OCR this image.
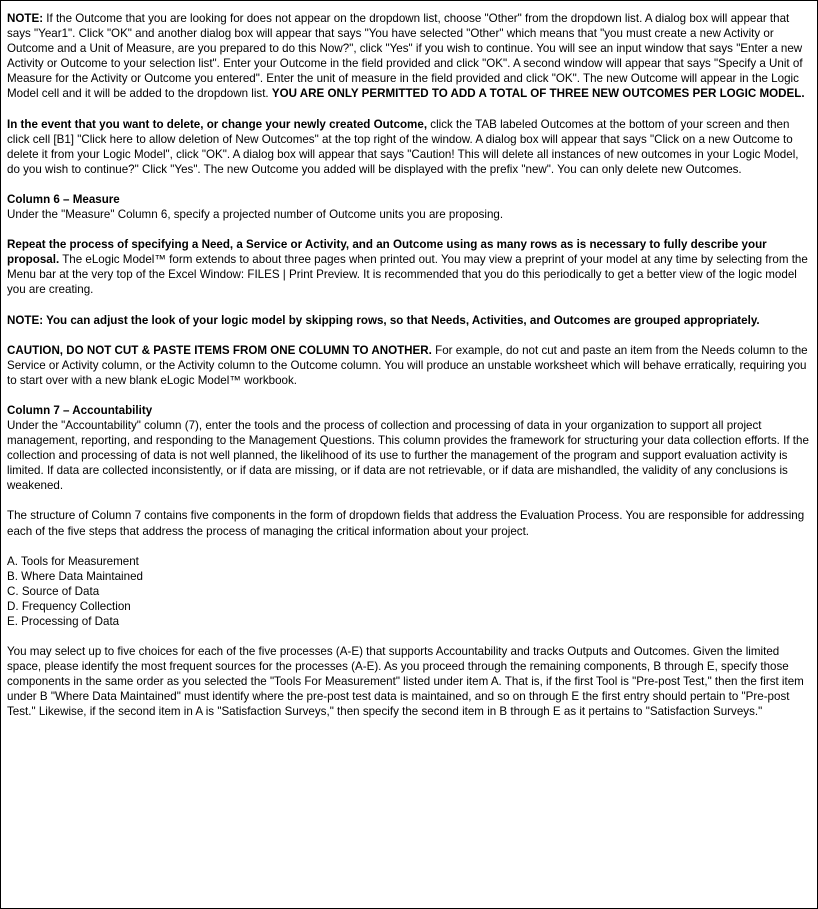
NOTE: If the Outcome that you are looking for does not appear on the dropdown list, choose "Other" from the dropdown list. A dialog box will appear that says "Year1". Click "OK" and another dialog box will appear that says "You have selected "Other" which means that "you must create a new Activity or Outcome and a Unit of Measure, are you prepared to do this Now?", click "Yes" if you wish to continue. You will see an input window that says "Enter a new Activity or Outcome to your selection list". Enter your Outcome in the field provided and click "OK". A second window will appear that says "Specify a Unit of Measure for the Activity or Outcome you entered". Enter the unit of measure in the field provided and click "OK". The new Outcome will appear in the Logic Model cell and it will be added to the dropdown list. YOU ARE ONLY PERMITTED TO ADD A TOTAL OF THREE NEW OUTCOMES PER LOGIC MODEL.

In the event that you want to delete, or change your newly created Outcome, click the TAB labeled Outcomes at the bottom of your screen and then click cell [B1] "Click here to allow deletion of New Outcomes" at the top right of the window. A dialog box will appear that says "Click on a new Outcome to delete it from your Logic Model", click "OK". A dialog box will appear that says "Caution! This will delete all instances of new outcomes in your Logic Model, do you wish to continue?" Click "Yes". The new Outcome you added will be displayed with the prefix "new". You can only delete new Outcomes.

Column 6 – Measure

Under the "Measure" Column 6, specify a projected number of Outcome units you are proposing.

Repeat the process of specifying a Need, a Service or Activity, and an Outcome using as many rows as is necessary to fully describe your proposal. The eLogic Model™ form extends to about three pages when printed out. You may view a preprint of your model at any time by selecting from the Menu bar at the very top of the Excel Window: FILES | Print Preview. It is recommended that you do this periodically to get a better view of the logic model you are creating.

NOTE: You can adjust the look of your logic model by skipping rows, so that Needs, Activities, and Outcomes are grouped appropriately.

CAUTION, DO NOT CUT & PASTE ITEMS FROM ONE COLUMN TO ANOTHER. For example, do not cut and paste an item from the Needs column to the Service or Activity column, or the Activity column to the Outcome column. You will produce an unstable worksheet which will behave erratically, requiring you to start over with a new blank eLogic Model™ workbook.

Column 7 – Accountability

Under the "Accountability" column (7), enter the tools and the process of collection and processing of data in your organization to support all project management, reporting, and responding to the Management Questions. This column provides the framework for structuring your data collection efforts. If the collection and processing of data is not well planned, the likelihood of its use to further the management of the program and support evaluation activity is limited. If data are collected inconsistently, or if data are missing, or if data are not retrievable, or if data are mishandled, the validity of any conclusions is weakened.

The structure of Column 7 contains five components in the form of dropdown fields that address the Evaluation Process. You are responsible for addressing each of the five steps that address the process of managing the critical information about your project.

A. Tools for Measurement
B. Where Data Maintained
C. Source of Data
D. Frequency Collection
E. Processing of Data

You may select up to five choices for each of the five processes (A-E) that supports Accountability and tracks Outputs and Outcomes. Given the limited space, please identify the most frequent sources for the processes (A-E). As you proceed through the remaining components, B through E, specify those components in the same order as you selected the "Tools For Measurement" listed under item A. That is, if the first Tool is "Pre-post Test," then the first item under B "Where Data Maintained" must identify where the pre-post test data is maintained, and so on through E the first entry should pertain to "Pre-post Test." Likewise, if the second item in A is "Satisfaction Surveys," then specify the second item in B through E as it pertains to "Satisfaction Surveys."
